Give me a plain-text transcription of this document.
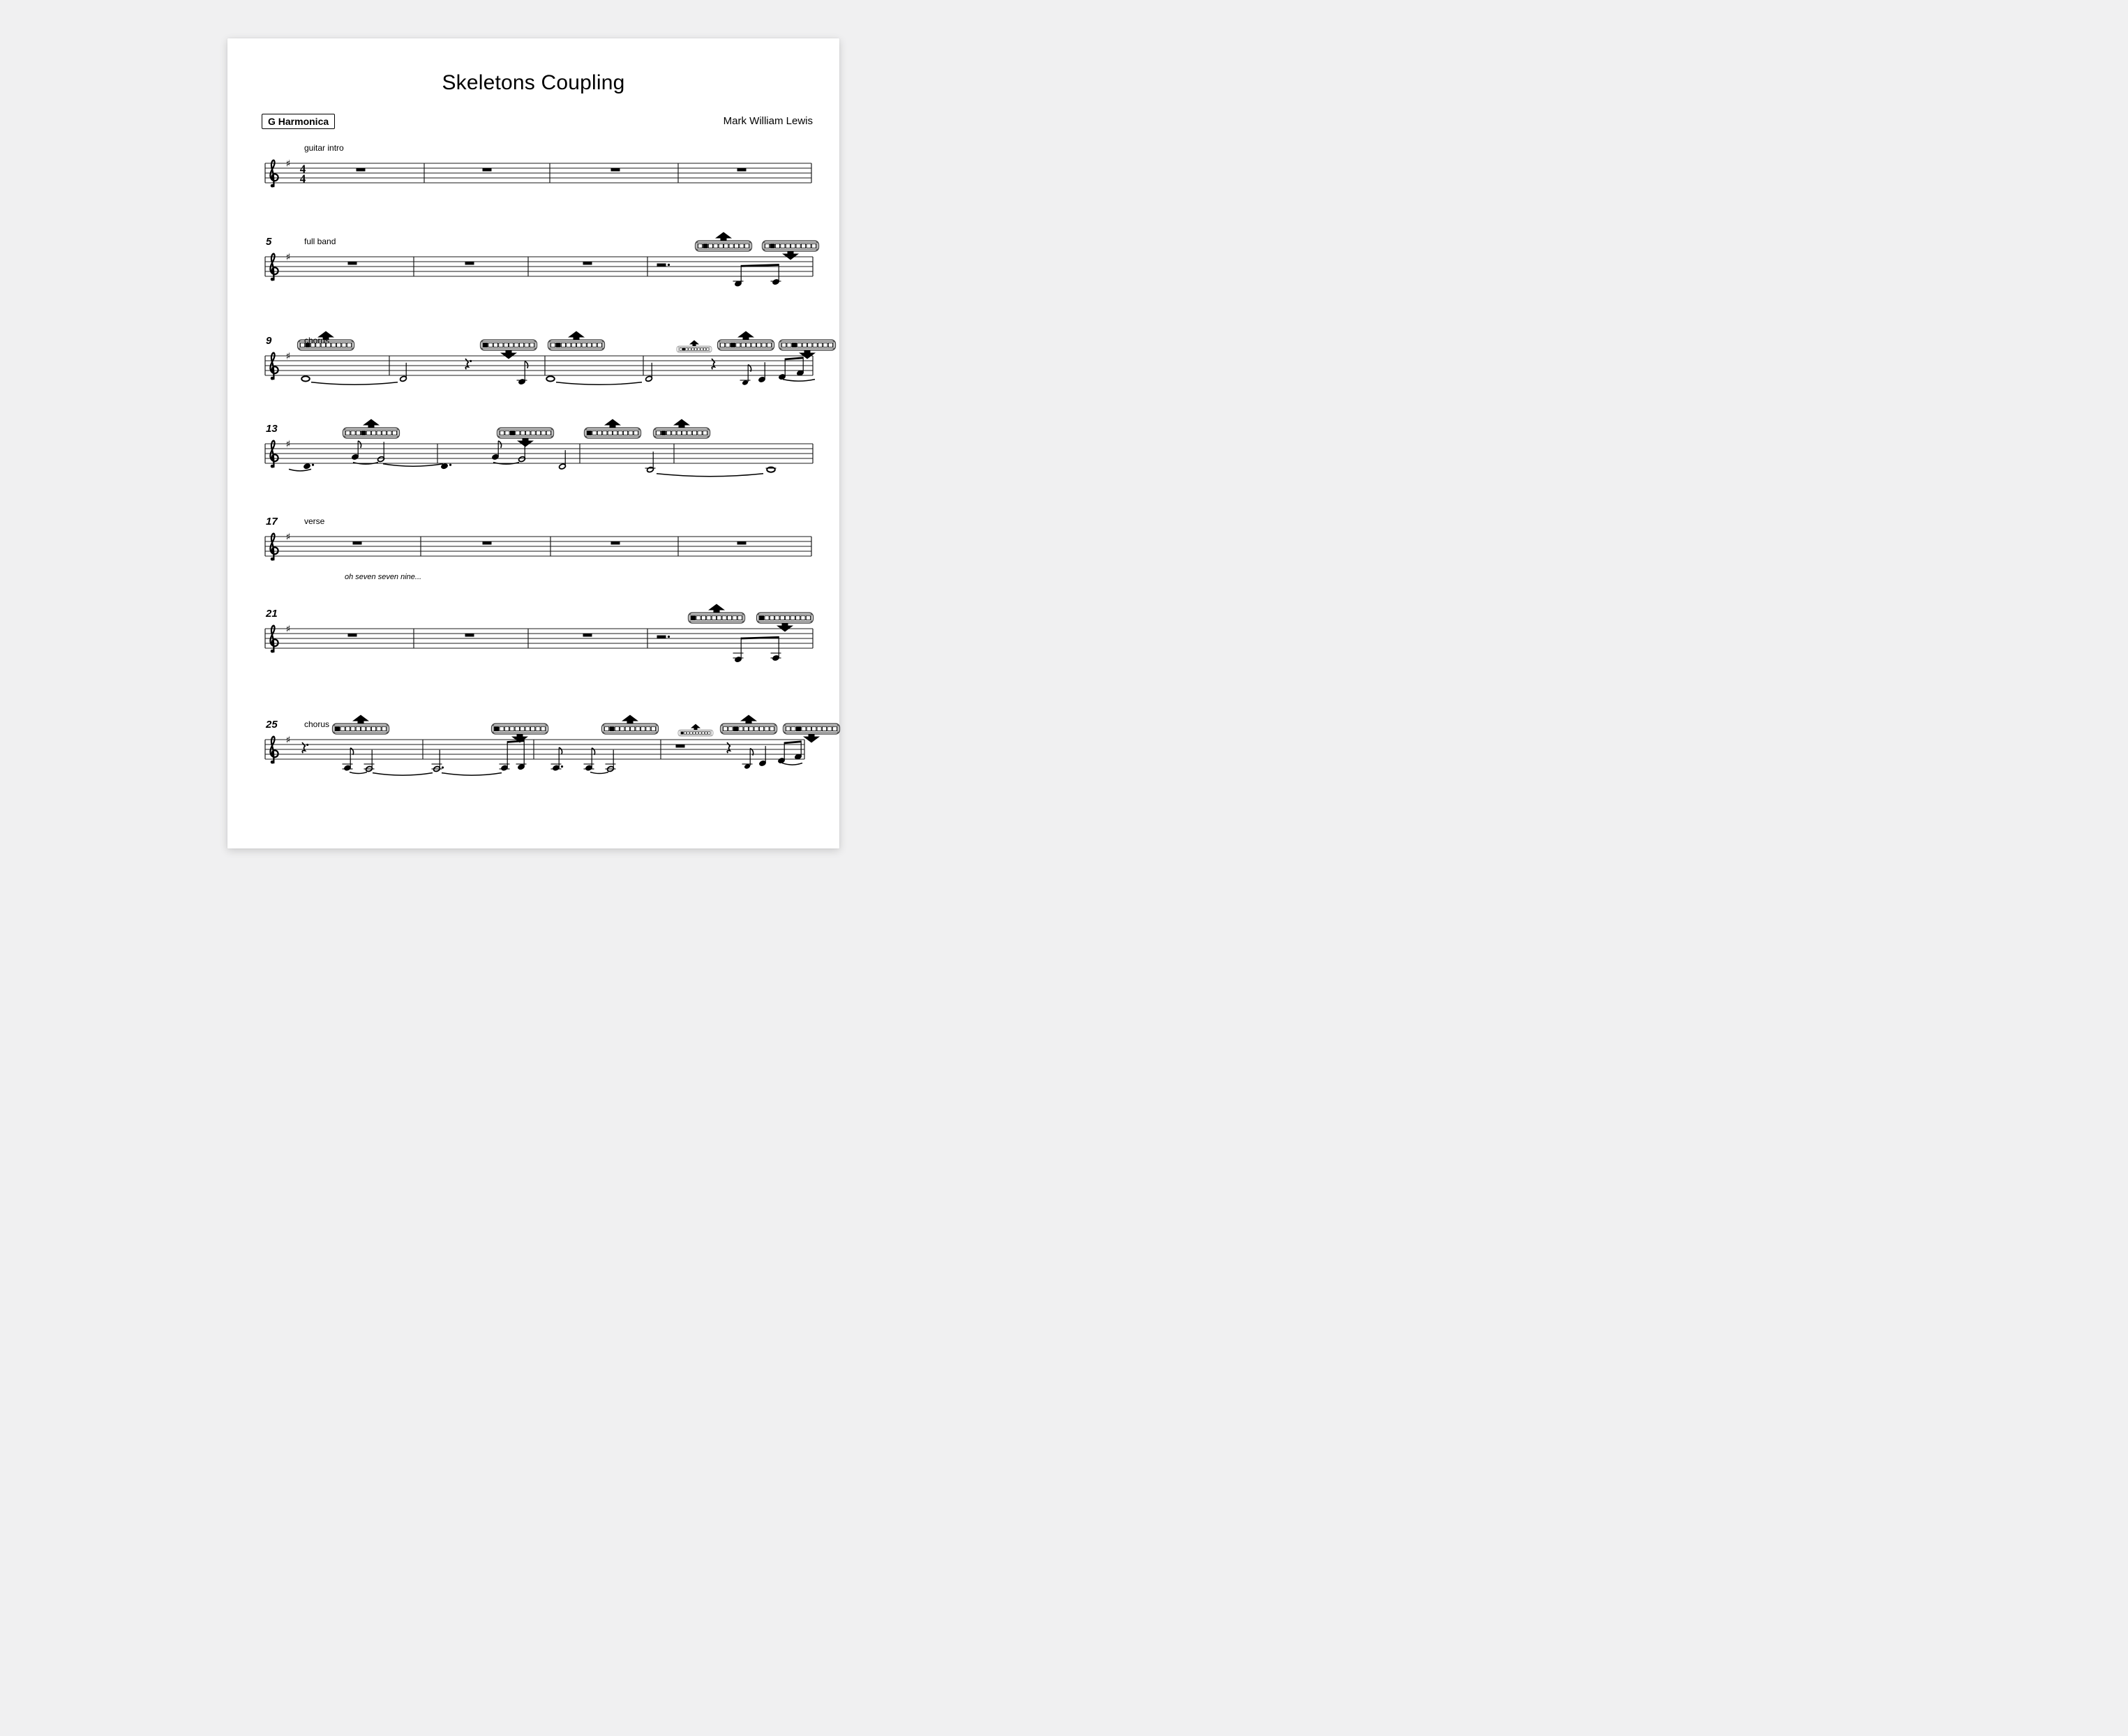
♯ 4
4
♯
♯
♯
♯
♯
♯
Skeletons Coupling
G Harmonica	Mark William Lewis
guitar intro
5	full band
9	chorus
13
17	verse
oh seven seven nine...
21
25	chorus
